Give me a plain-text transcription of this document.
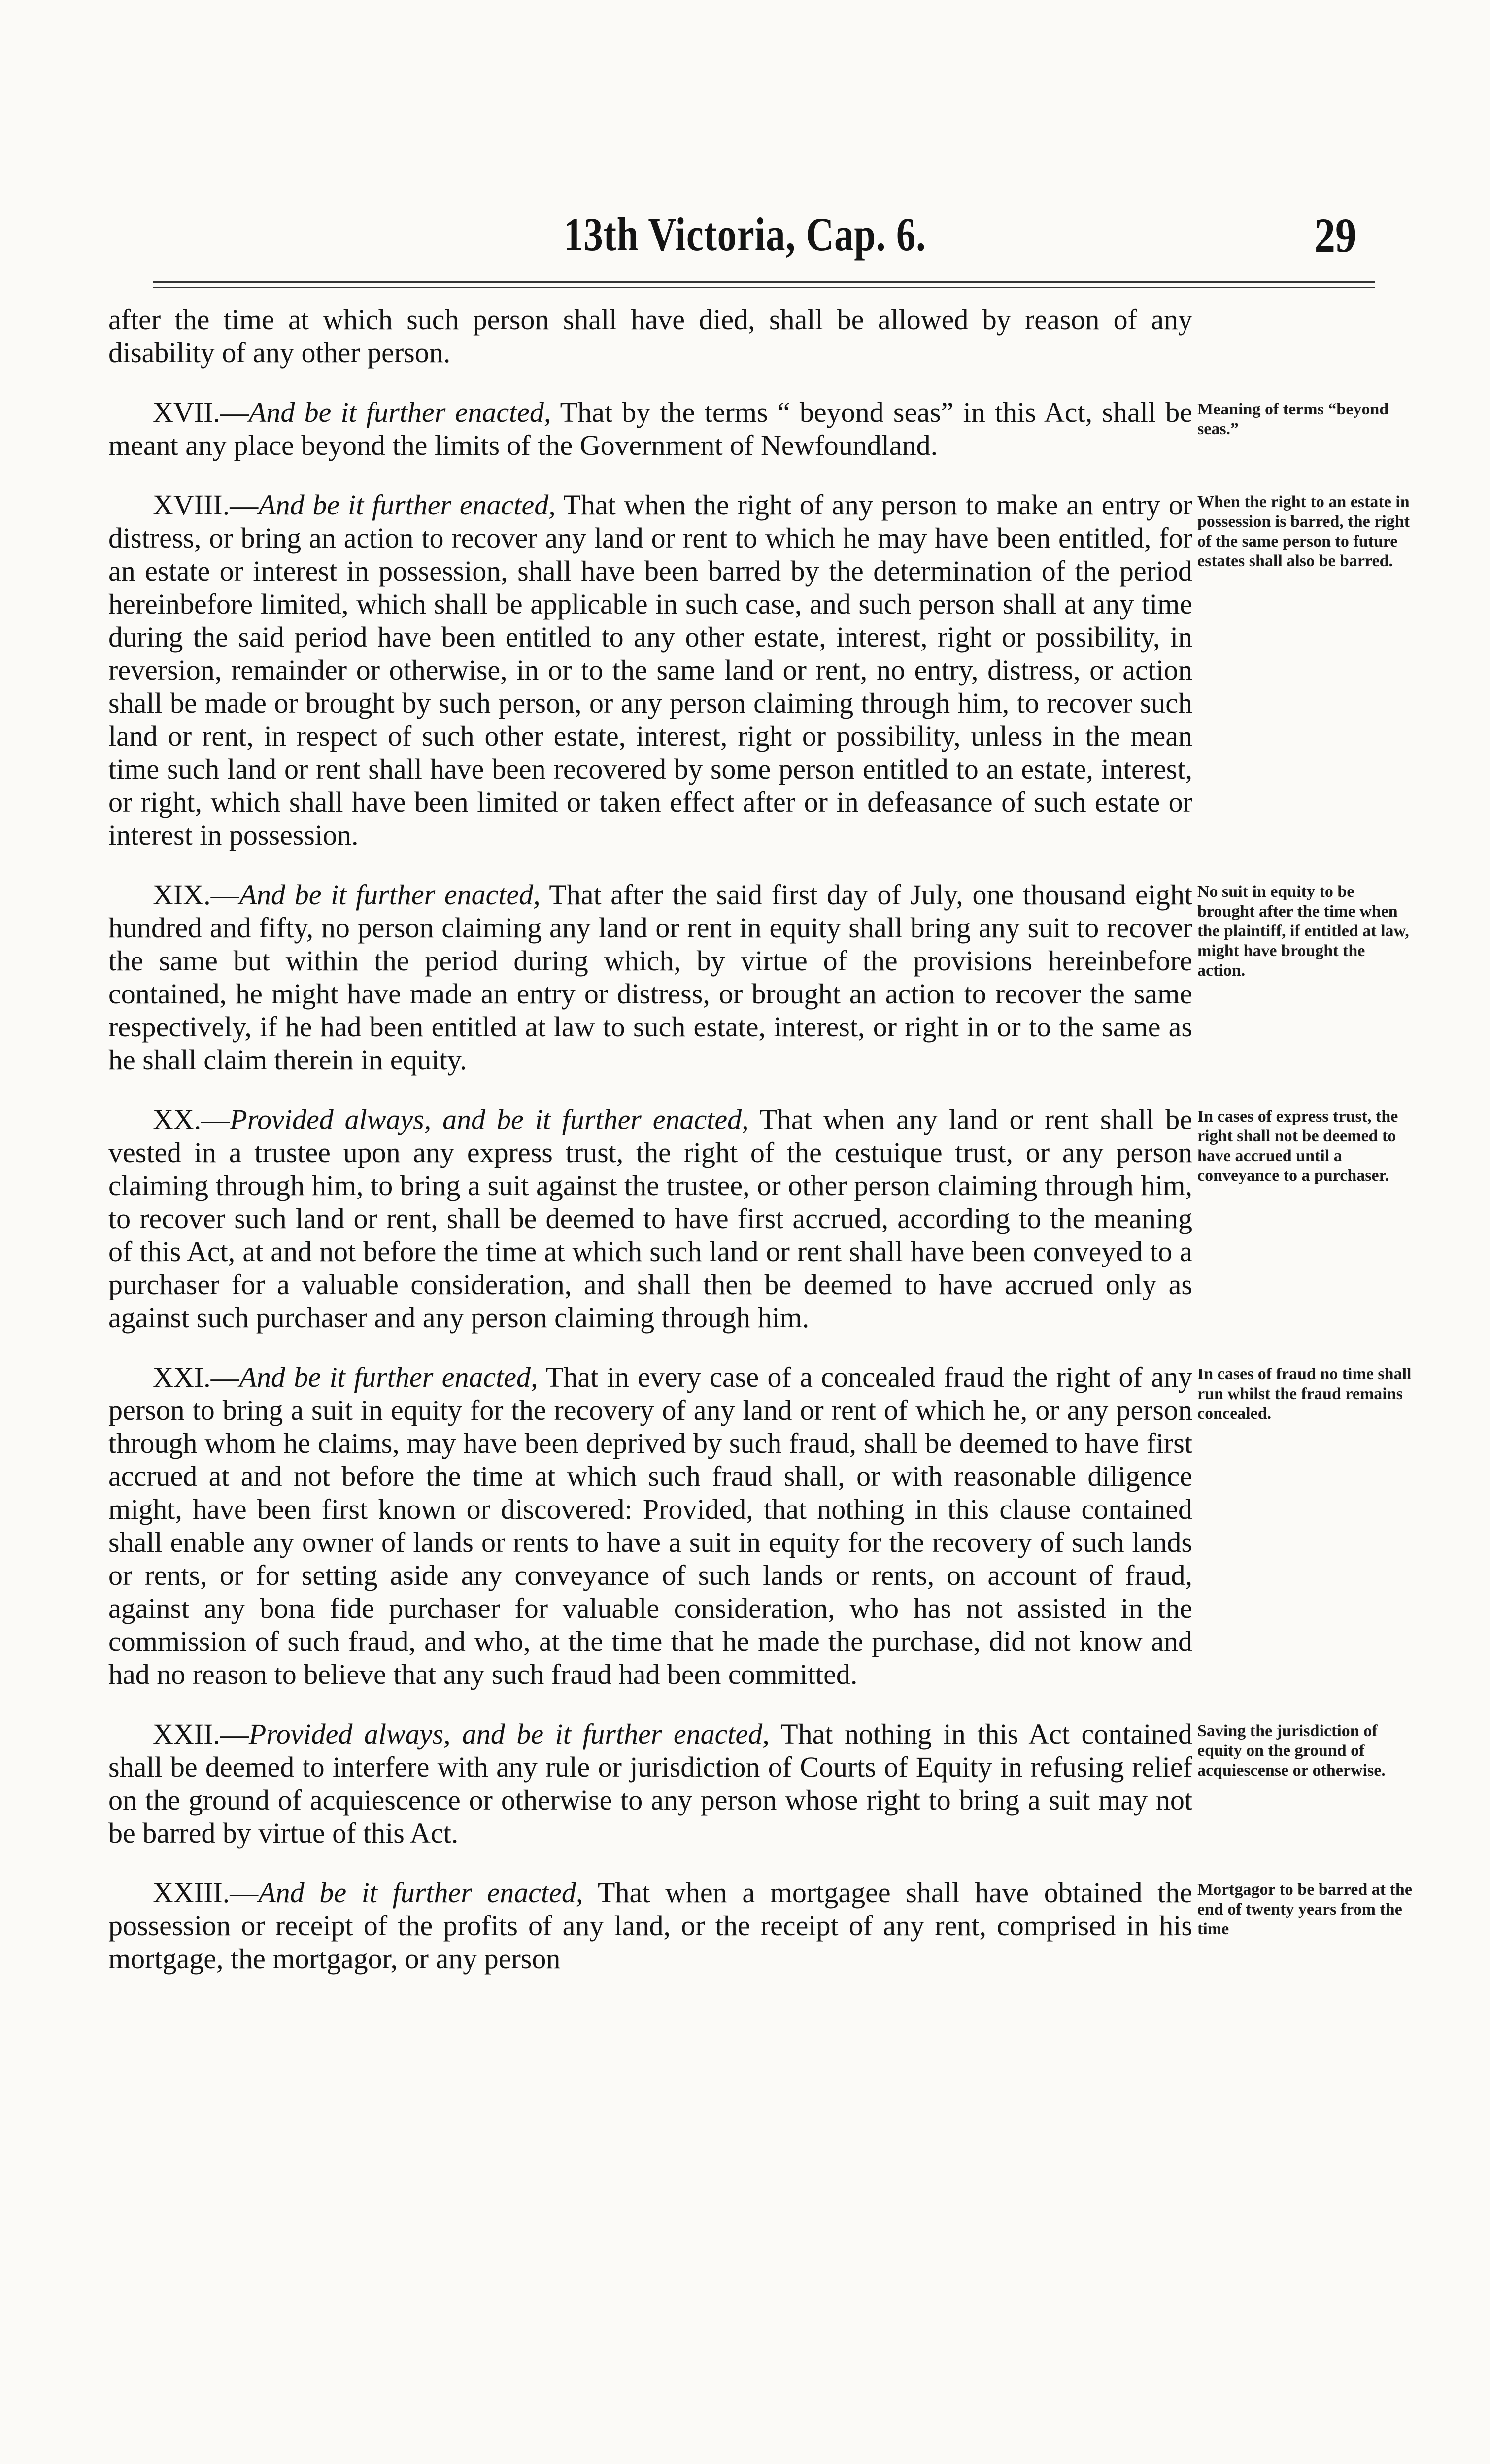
13th Victoria, Cap. 6.	29

after the time at which such person shall have died, shall be allowed by reason of any disability of any other person.

XVII.—And be it further enacted, That by the terms “ beyond seas” in this Act, shall be meant any place beyond the limits of the Government of Newfoundland.

XVIII.—And be it further enacted, That when the right of any person to make an entry or distress, or bring an action to recover any land or rent to which he may have been entitled, for an estate or interest in possession, shall have been barred by the determination of the period hereinbefore limited, which shall be applicable in such case, and such person shall at any time during the said period have been entitled to any other estate, interest, right or possibility, in reversion, remainder or otherwise, in or to the same land or rent, no entry, distress, or action shall be made or brought by such person, or any person claiming through him, to recover such land or rent, in respect of such other estate, interest, right or possibility, unless in the mean time such land or rent shall have been recovered by some person entitled to an estate, interest, or right, which shall have been limited or taken effect after or in defeasance of such estate or interest in possession.

XIX.—And be it further enacted, That after the said first day of July, one thousand eight hundred and fifty, no person claiming any land or rent in equity shall bring any suit to recover the same but within the period during which, by virtue of the provisions hereinbefore contained, he might have made an entry or distress, or brought an action to recover the same respectively, if he had been entitled at law to such estate, interest, or right in or to the same as he shall claim therein in equity.

XX.—Provided always, and be it further enacted, That when any land or rent shall be vested in a trustee upon any express trust, the right of the cestuique trust, or any person claiming through him, to bring a suit against the trustee, or other person claiming through him, to recover such land or rent, shall be deemed to have first accrued, according to the meaning of this Act, at and not before the time at which such land or rent shall have been conveyed to a purchaser for a valuable consideration, and shall then be deemed to have accrued only as against such purchaser and any person claiming through him.

XXI.—And be it further enacted, That in every case of a concealed fraud the right of any person to bring a suit in equity for the recovery of any land or rent of which he, or any person through whom he claims, may have been deprived by such fraud, shall be deemed to have first accrued at and not before the time at which such fraud shall, or with reasonable diligence might, have been first known or discovered: Provided, that nothing in this clause contained shall enable any owner of lands or rents to have a suit in equity for the recovery of such lands or rents, or for setting aside any conveyance of such lands or rents, on account of fraud, against any bona fide purchaser for valuable consideration, who has not assisted in the commission of such fraud, and who, at the time that he made the purchase, did not know and had no reason to believe that any such fraud had been committed.

XXII.—Provided always, and be it further enacted, That nothing in this Act contained shall be deemed to interfere with any rule or jurisdiction of Courts of Equity in refusing relief on the ground of acquiescence or otherwise to any person whose right to bring a suit may not be barred by virtue of this Act.

XXIII.—And be it further enacted, That when a mortgagee shall have obtained the possession or receipt of the profits of any land, or the receipt of any rent, comprised in his mortgage, the mortgagor, or any person

Meaning of terms “beyond seas.”
When the right to an estate in possession is barred, the right of the same person to future estates shall also be barred.
No suit in equity to be brought after the time when the plaintiff, if entitled at law, might have brought the action.
In cases of express trust, the right shall not be deemed to have accrued until a conveyance to a purchaser.
In cases of fraud no time shall run whilst the fraud remains concealed.
Saving the jurisdiction of equity on the ground of acquiescense or otherwise.
Mortgagor to be barred at the end of twenty years from the time
